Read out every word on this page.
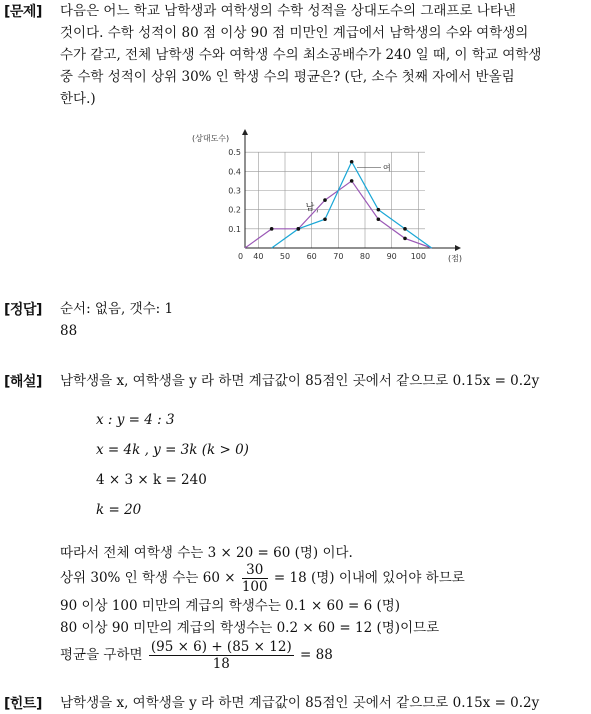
[문제] 다음은 어느 학교 남학생과 여학생의 수학 성적을 상대도수의 그래프로 나타낸
것이다. 수학 성적이 80 점 이상 90 점 미만인 계급에서 남학생의 수와 여학생의
수가 같고, 전체 남학생 수와 여학생 수의 최소공배수가 240 일 때, 이 학교 여학생
중 수학 성적이 상위 30% 인 학생 수의 평균은? (단, 소수 첫째 자에서 반올림
한다.)
0.1
0.2
0.3
0.4
0.5
40 50 60 70 80 90 100
(상대도수)
(점)
0
남
여
[정답] 순서: 없음, 갯수: 1
88
[해설] 남학생을 x, 여학생을 y 라 하면 계급값이 85점인 곳에서 같으므로 0.15x = 0.2y
x : y = 4 : 3
x = 4k , y = 3k (k > 0)
4 × 3 × k = 240
k = 20
따라서 전체 여학생 수는 3 × 20 = 60 (명) 이다.
상위 30% 인 학생 수는 $60 \times \frac{30}{100} = 18$ (명) 이내에 있어야 하므로
90 이상 100 미만의 계급의 학생수는 0.1 × 60 = 6 (명)
80 이상 90 미만의 계급의 학생수는 0.2 × 60 = 12 (명)이므로
평균을 구하면 $\frac{(95 \times 6) + (85 \times 12)}{18} = 88$
[힌트] 남학생을 x, 여학생을 y 라 하면 계급값이 85점인 곳에서 같으므로 0.15x = 0.2y
